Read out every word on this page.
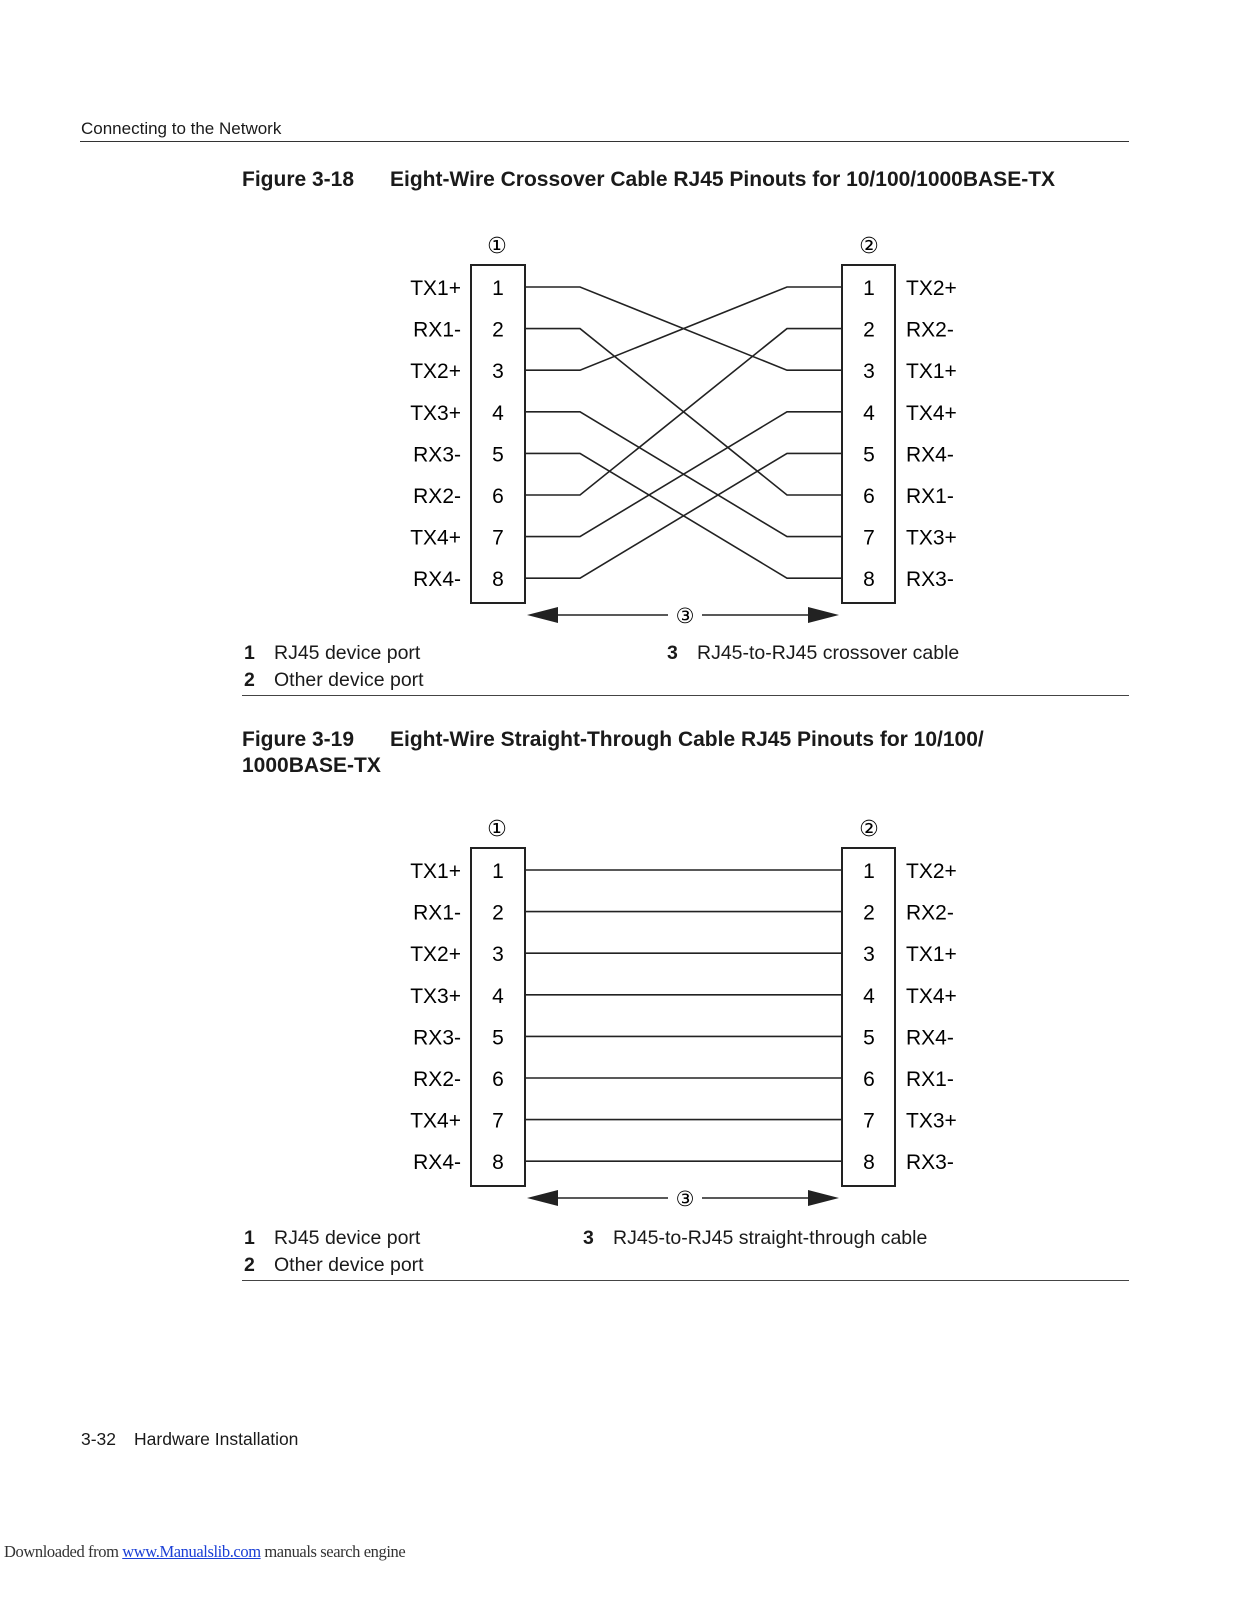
Connecting to the Network
Figure 3-18 Eight-Wire Crossover Cable RJ45 Pinouts for 10/100/1000BASE-TX
①	②
1
TX1+
2
RX1-
3
TX2+
4
TX3+
5
RX3-
6
RX2-
7
TX4+
8
RX4-
1 TX2+
2 RX2-
3 TX1+
4 TX4+
5 RX4-
6 RX1-
7 TX3+
8 RX3-
③
1 RJ45 device port
2 Other device port
3 RJ45-to-RJ45 crossover cable
Figure 3-19 Eight-Wire Straight-Through Cable RJ45 Pinouts for 10/100/
1000BASE-TX
①	②
1
TX1+
2
RX1-
3
TX2+
4
TX3+
5
RX3-
6
RX2-
7
TX4+
8
RX4-
1 TX2+
2 RX2-
3 TX1+
4 TX4+
5 RX4-
6 RX1-
7 TX3+
8 RX3-
③
1 RJ45 device port
2 Other device port
3 RJ45-to-RJ45 straight-through cable
3-32 Hardware Installation
Downloaded from www.Manualslib.com manuals search engine
